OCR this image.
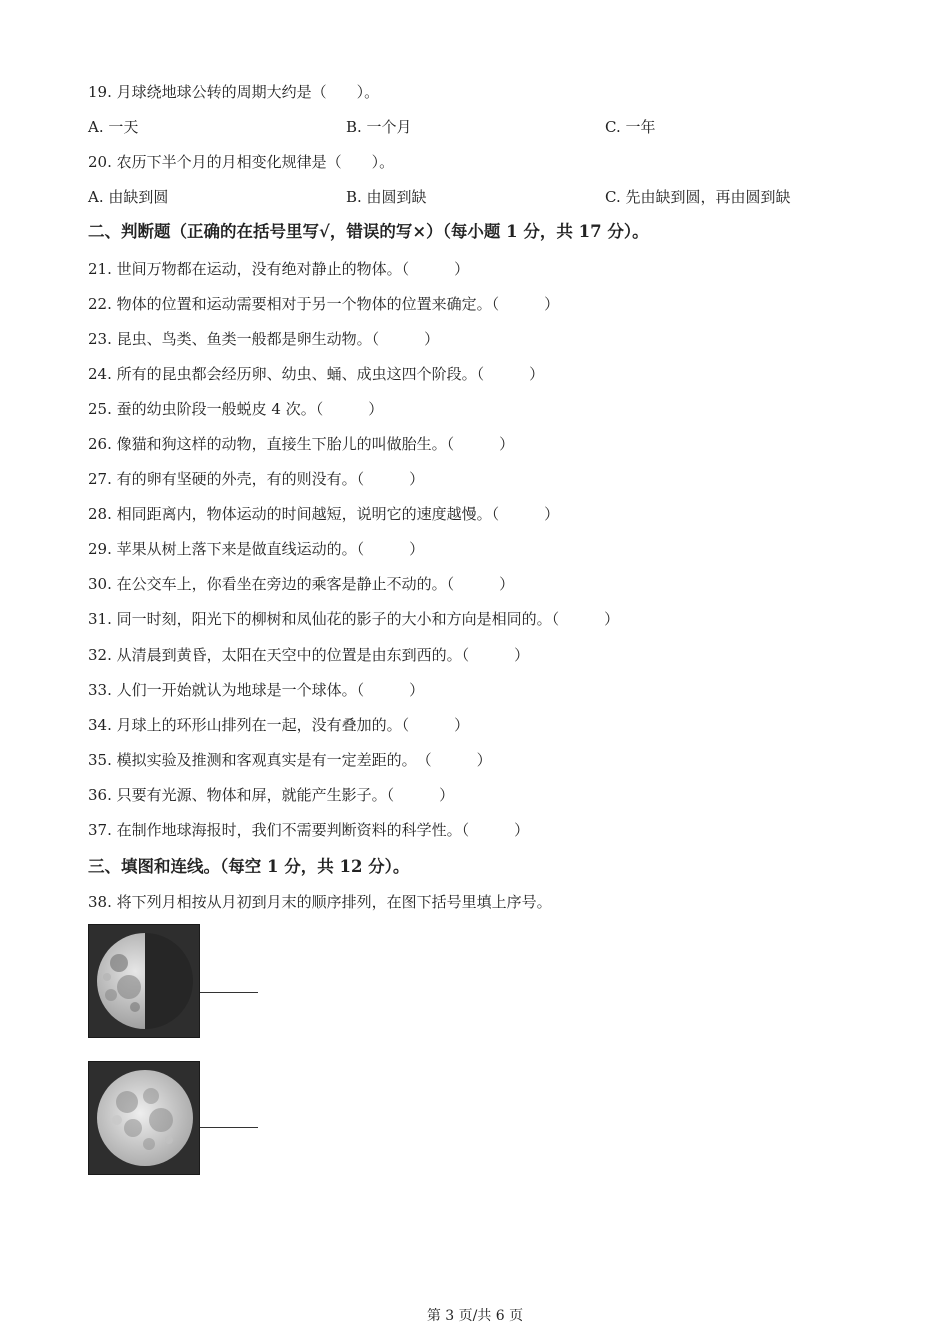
19. 月球绕地球公转的周期大约是（　　）。
A. 一天	B. 一个月	C. 一年
20. 农历下半个月的月相变化规律是（　　）。
A. 由缺到圆	B. 由圆到缺	C. 先由缺到圆，再由圆到缺
二、判断题（正确的在括号里写√，错误的写×）（每小题 1 分，共 17 分）。
21. 世间万物都在运动，没有绝对静止的物体。（　　　）
22. 物体的位置和运动需要相对于另一个物体的位置来确定。（　　　）
23. 昆虫、鸟类、鱼类一般都是卵生动物。（　　　）
24. 所有的昆虫都会经历卵、幼虫、蛹、成虫这四个阶段。（　　　）
25. 蚕的幼虫阶段一般蜕皮 4 次。（　　　）
26. 像猫和狗这样的动物，直接生下胎儿的叫做胎生。（　　　）
27. 有的卵有坚硬的外壳，有的则没有。（　　　）
28. 相同距离内，物体运动的时间越短，说明它的速度越慢。（　　　）
29. 苹果从树上落下来是做直线运动的。（　　　）
30. 在公交车上，你看坐在旁边的乘客是静止不动的。（　　　）
31. 同一时刻，阳光下的柳树和凤仙花的影子的大小和方向是相同的。（　　　）
32. 从清晨到黄昏，太阳在天空中的位置是由东到西的。（　　　）
33. 人们一开始就认为地球是一个球体。（　　　）
34. 月球上的环形山排列在一起，没有叠加的。（　　　）
35. 模拟实验及推测和客观真实是有一定差距的。　（　　　）
36. 只要有光源、物体和屏，就能产生影子。（　　　）
37. 在制作地球海报时，我们不需要判断资料的科学性。（　　　）
三、填图和连线。（每空 1 分，共 12 分）。
38. 将下列月相按从月初到月末的顺序排列，在图下括号里填上序号。
第 3 页/共 6 页
